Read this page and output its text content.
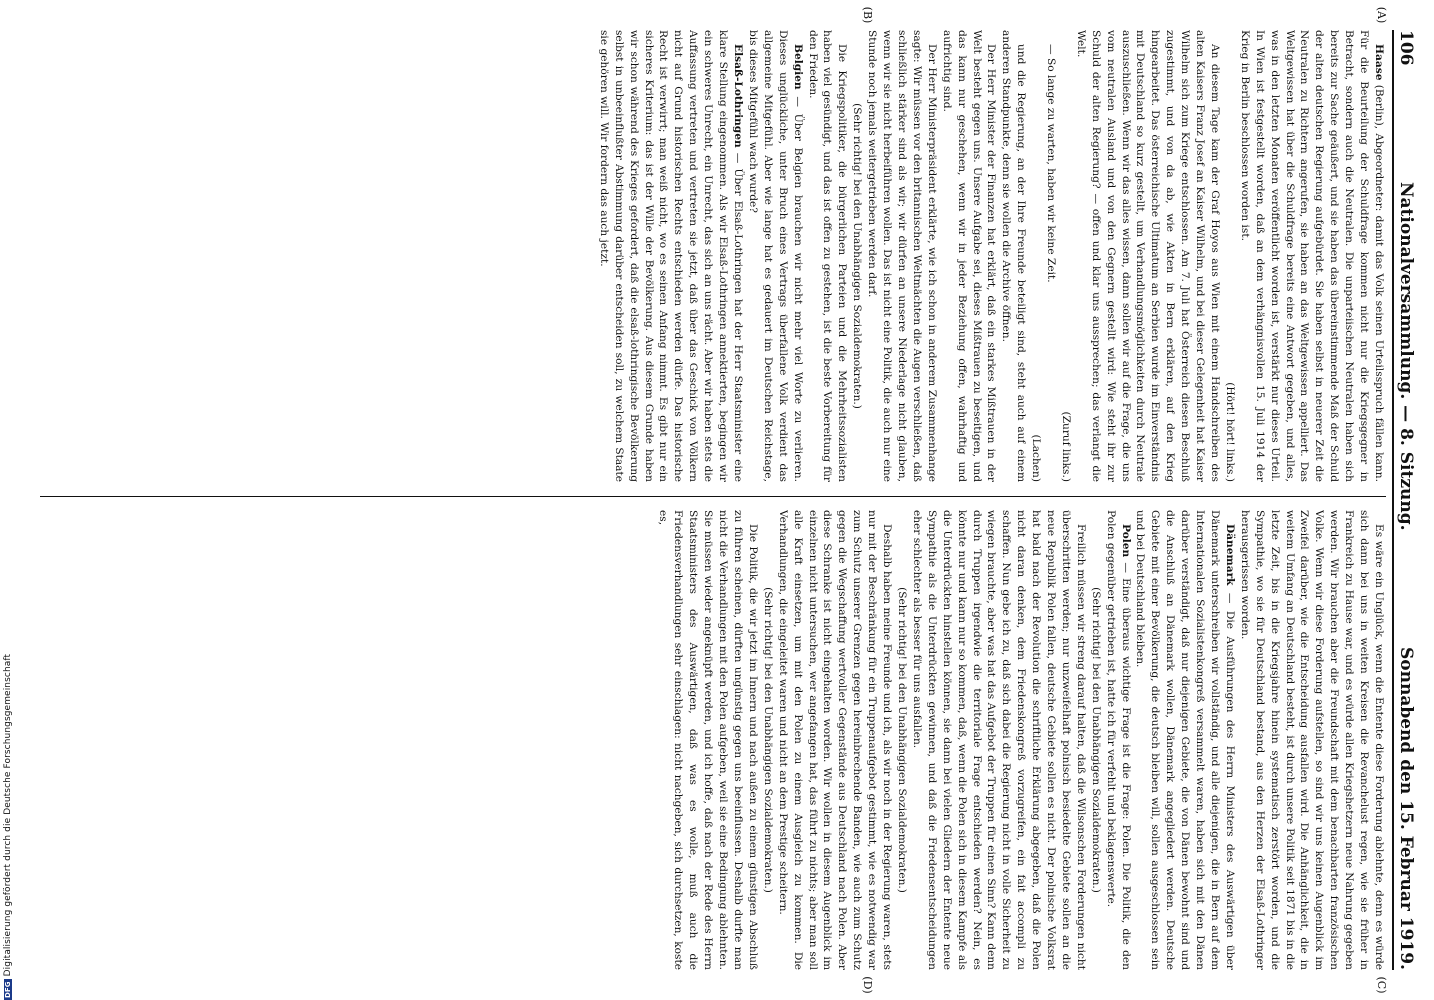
DFGDigitalisierung gefördert durch die Deutsche Forschungsgemeinschaft
106
Nationalversammlung. — 8. Sitzung.
Sonnabend den 15. Februar 1919.
(A)
(B)
(C)
(D)

Haase (Berlin), Abgeordneter: damit das Volk seinen Urteilsspruch fällen kann. Für die Beurteilung der Schuldfrage kommen nicht nur die Kriegsgegner in Betracht, sondern auch die Neutralen. Die unparteiischen Neutralen haben sich bereits zur Sache geäußert, und sie haben das übereinstimmende Maß der Schuld der alten deutschen Regierung aufgebürdet. Sie haben selbst in neuerer Zeit die Neutralen zu Richtern angerufen, sie haben an das Weltgewissen appelliert. Das Weltgewissen hat über die Schuldfrage bereits eine Antwort gegeben, und alles, was in den letzten Monaten veröffentlicht worden ist, verstärkt nur dieses Urteil. In Wien ist festgestellt worden, daß an dem verhängnisvollen 15. Juli 1914 der Krieg in Berlin beschlossen worden ist.

(Hört! hört! links.)

An diesem Tage kam der Graf Hoyos aus Wien mit einem Handschreiben des alten Kaisers Franz Josef an Kaiser Wilhelm, und bei dieser Gelegenheit hat Kaiser Wilhelm sich zum Kriege entschlossen. Am 7. Juli hat Österreich diesen Beschluß zugestimmt, und von da ab, wie Akten in Bern erklären, auf den Krieg hingearbeitet. Das österreichische Ultimatum an Serbien wurde im Einverständnis mit Deutschland so kurz gestellt, um Verhandlungsmöglichkeiten durch Neutrale auszuschließen. Wenn wir das alles wissen, dann sollen wir auf die Frage, die uns vom neutralen Ausland und von den Gegnern gestellt wird: Wie steht ihr zur Schuld der alten Regierung? — offen und klar uns aussprechen; das verlangt die Welt.

(Zuruf links.)

— So lange zu warten, haben wir keine Zeit.

(Lachen)

und die Regierung, an der Ihre Freunde beteiligt sind, steht auch auf einem anderen Standpunkte, denn sie wollen die Archive öffnen.

Der Herr Minister der Finanzen hat erklärt, daß ein starkes Mißtrauen in der Welt besteht gegen uns. Unsere Aufgabe sei, dieses Mißtrauen zu beseitigen, und das kann nur geschehen, wenn wir in jeder Beziehung offen, wahrhaftig und aufrichtig sind.

Der Herr Ministerpräsident erklärte, wie ich schon in anderem Zusammenhange sagte: Wir müssen vor den britannischen Weltmächten die Augen verschließen, daß schließlich stärker sind als wir; wir dürfen an unsere Niederlage nicht glauben, wenn wir sie nicht herbeiführen wollen. Das ist nicht eine Politik, die auch nur eine Stunde noch jemals weitergetrieben werden darf.

(Sehr richtig! bei den Unabhängigen Sozialdemokraten.)

Die Kriegspolitiker, die bürgerlichen Parteien und die Mehrheitssozialisten haben viel gesündigt, und das ist offen zu gestehen, ist die beste Vorbereitung für den Frieden.

Belgien — Über Belgien brauchen wir nicht mehr viel Worte zu verlieren. Dieses unglückliche, unter Bruch eines Vertrags überfallene Volk verdient das allgemeine Mitgefühl. Aber wie lange hat es gedauert im Deutschen Reichstage, bis dieses Mitgefühl wach wurde?

Elsaß-Lothringen — Über Elsaß-Lothringen hat der Herr Staatsminister eine klare Stellung eingenommen. Als wir Elsaß-Lothringen annektierten, begingen wir ein schweres Unrecht, ein Unrecht, das sich an uns rächt. Aber wir haben stets die Auffassung vertreten und vertreten sie jetzt, daß über das Geschick von Völkern nicht auf Grund historischen Rechts entschieden werden dürfe. Das historische Recht ist verwirrt; man weiß nicht, wo es seinen Anfang nimmt. Es gibt nur ein sicheres Kriterium: das ist der Wille der Bevölkerung. Aus diesem Grunde haben wir schon während des Krieges gefordert, daß die elsaß-lothringische Bevölkerung selbst in unbeeinflußter Abstimmung darüber entscheiden soll, zu welchem Staate sie gehören will. Wir fordern das auch jetzt.

Es wäre ein Unglück, wenn die Entente diese Forderung ablehnte, denn es würde sich dann bei uns in weiten Kreisen die Revanchelust regen, wie sie früher in Frankreich zu Hause war, und es würde allen Kriegshetzern neue Nahrung gegeben werden. Wir brauchen aber die Freundschaft mit dem benachbarten französischen Volke. Wenn wir diese Forderung aufstellen, so sind wir uns keinen Augenblick im Zweifel darüber, wie die Entscheidung ausfallen wird. Die Anhänglichkeit, die in weitem Umfang an Deutschland besteht, ist durch unsere Politik seit 1871 bis in die letzte Zeit, bis in die Kriegsjahre hinein systematisch zerstört worden, und die Sympathie, wo sie für Deutschland bestand, aus den Herzen der Elsaß-Lothringer herausgerissen worden.

Dänemark — Die Ausführungen des Herrn Ministers des Auswärtigen über Dänemark unterschreiben wir vollständig, und alle diejenigen, die in Bern auf dem Internationalen Sozialistenkongreß versammelt waren, haben sich mit den Dänen darüber verständigt, daß nur diejenigen Gebiete, die von Dänen bewohnt sind und die Anschluß an Dänemark wollen, Dänemark angegliedert werden. Deutsche Gebiete mit einer Bevölkerung, die deutsch bleiben will, sollen ausgeschlossen sein und bei Deutschland bleiben.

Polen — Eine überaus wichtige Frage ist die Frage: Polen. Die Politik, die den Polen gegenüber getrieben ist, hatte ich für verfehlt und beklagenswerte.

(Sehr richtig! bei den Unabhängigen Sozialdemokraten.)

Freilich müssen wir streng darauf halten, daß die Wilsonschen Forderungen nicht überschritten werden; nur unzweifelhaft polnisch besiedelte Gebiete sollen an die neue Republik Polen fallen, deutsche Gebiete sollen es nicht. Der polnische Volksrat hat bald nach der Revolution die schriftliche Erklärung abgegeben, daß die Polen nicht daran denken, dem Friedenskongreß vorzugreifen, ein fait accompli zu schaffen. Nun gebe ich zu, daß sich dabei die Regierung nicht in volle Sicherheit zu wiegen brauchte, aber was hat das Aufgebot der Truppen für einen Sinn? Kann denn durch Truppen irgendwie die territoriale Frage entschieden werden? Nein, es könnte nur und kann nur so kommen, daß, wenn die Polen sich in diesem Kampfe als die Unterdrückten hinstellen können, sie dann bei vielen Gliedern der Entente neue Sympathie als die Unterdrückten gewinnen, und daß die Friedensentscheidungen eher schlechter als besser für uns ausfallen.

(Sehr richtig! bei den Unabhängigen Sozialdemokraten.)

Deshalb haben meine Freunde und ich, als wir noch in der Regierung waren, stets nur mit der Beschränkung für ein Truppenaufgebot gestimmt, wie es notwendig war zum Schutz unserer Grenzen gegen hereinbrechende Banden, wie auch zum Schutz gegen die Wegschaffung wertvoller Gegenstände aus Deutschland nach Polen. Aber diese Schranke ist nicht eingehalten worden. Wir wollen in diesem Augenblick im einzelnen nicht untersuchen, wer angefangen hat, das führt zu nichts; aber man soll alle Kraft einsetzen, um mit den Polen zu einem Ausgleich zu kommen. Die Verhandlungen, die eingeleitet waren und nicht an dem Prestige scheitern.

(Sehr richtig! bei den Unabhängigen Sozialdemokraten.)

Die Politik, die wir jetzt im Innern und nach außen zu einem günstigen Abschluß zu führen scheinen, dürften ungünstig gegen uns beeinflussen. Deshalb durfte man nicht die Verhandlungen mit den Polen aufgeben, weil sie eine Bedingung ablehnten. Sie müssen wieder angeknüpft werden, und ich hoffe, daß nach der Rede des Herrn Staatsministers des Auswärtigen, daß was es wolle, muß auch die Friedensverhandlungen sehr einschlagen: nicht nachgeben, sich durchsetzen, koste es,
